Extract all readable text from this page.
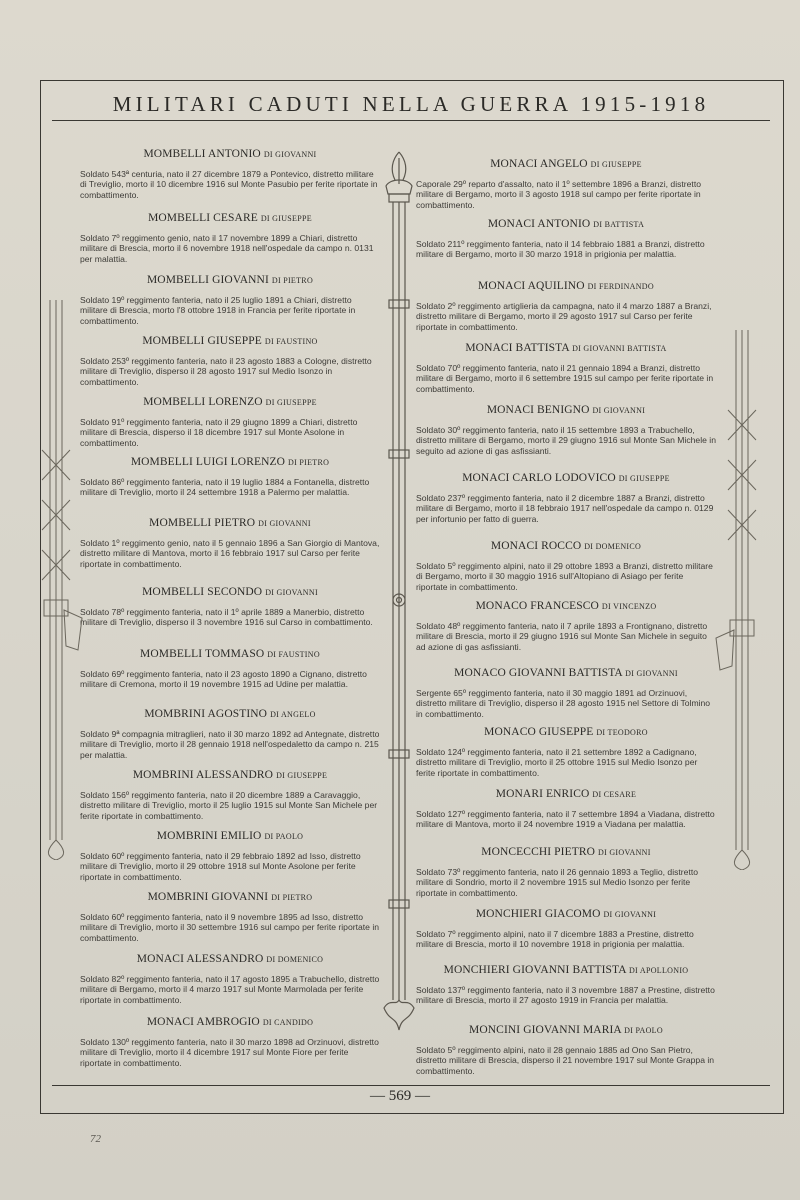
MILITARI CADUTI NELLA GUERRA 1915-1918
MOMBELLI ANTONIO DI GIOVANNI
Soldato 543ª centuria, nato il 27 dicembre 1879 a Pontevico, distretto militare di Treviglio, morto il 10 dicembre 1916 sul Monte Pasubio per ferite riportate in combattimento.
MOMBELLI CESARE DI GIUSEPPE
Soldato 7º reggimento genio, nato il 17 novembre 1899 a Chiari, distretto militare di Brescia, morto il 6 novembre 1918 nell'ospedale da campo n. 0131 per malattia.
MOMBELLI GIOVANNI DI PIETRO
Soldato 19º reggimento fanteria, nato il 25 luglio 1891 a Chiari, distretto militare di Brescia, morto l'8 ottobre 1918 in Francia per ferite riportate in combattimento.
MOMBELLI GIUSEPPE DI FAUSTINO
Soldato 253º reggimento fanteria, nato il 23 agosto 1883 a Cologne, distretto militare di Treviglio, disperso il 28 agosto 1917 sul Medio Isonzo in combattimento.
MOMBELLI LORENZO DI GIUSEPPE
Soldato 91º reggimento fanteria, nato il 29 giugno 1899 a Chiari, distretto militare di Brescia, disperso il 18 dicembre 1917 sul Monte Asolone in combattimento.
MOMBELLI LUIGI LORENZO DI PIETRO
Soldato 86º reggimento fanteria, nato il 19 luglio 1884 a Fontanella, distretto militare di Treviglio, morto il 24 settembre 1918 a Palermo per malattia.
MOMBELLI PIETRO DI GIOVANNI
Soldato 1º reggimento genio, nato il 5 gennaio 1896 a San Giorgio di Mantova, distretto militare di Mantova, morto il 16 febbraio 1917 sul Carso per ferite riportate in combattimento.
MOMBELLI SECONDO DI GIOVANNI
Soldato 78º reggimento fanteria, nato il 1º aprile 1889 a Manerbio, distretto militare di Treviglio, disperso il 3 novembre 1916 sul Carso in combattimento.
MOMBELLI TOMMASO DI FAUSTINO
Soldato 69º reggimento fanteria, nato il 23 agosto 1890 a Cignano, distretto militare di Cremona, morto il 19 novembre 1915 ad Udine per malattia.
MOMBRINI AGOSTINO DI ANGELO
Soldato 9ª compagnia mitraglieri, nato il 30 marzo 1892 ad Antegnate, distretto militare di Treviglio, morto il 28 gennaio 1918 nell'ospedaletto da campo n. 215 per malattia.
MOMBRINI ALESSANDRO DI GIUSEPPE
Soldato 156º reggimento fanteria, nato il 20 dicembre 1889 a Caravaggio, distretto militare di Treviglio, morto il 25 luglio 1915 sul Monte San Michele per ferite riportate in combattimento.
MOMBRINI EMILIO DI PAOLO
Soldato 60º reggimento fanteria, nato il 29 febbraio 1892 ad Isso, distretto militare di Treviglio, morto il 29 ottobre 1918 sul Monte Asolone per ferite riportate in combattimento.
MOMBRINI GIOVANNI DI PIETRO
Soldato 60º reggimento fanteria, nato il 9 novembre 1895 ad Isso, distretto militare di Treviglio, morto il 30 settembre 1916 sul campo per ferite riportate in combattimento.
MONACI ALESSANDRO DI DOMENICO
Soldato 82º reggimento fanteria, nato il 17 agosto 1895 a Trabuchello, distretto militare di Bergamo, morto il 4 marzo 1917 sul Monte Marmolada per ferite riportate in combattimento.
MONACI AMBROGIO DI CANDIDO
Soldato 130º reggimento fanteria, nato il 30 marzo 1898 ad Orzinuovi, distretto militare di Treviglio, morto il 4 dicembre 1917 sul Monte Fiore per ferite riportate in combattimento.
MONACI ANGELO DI GIUSEPPE
Caporale 29º reparto d'assalto, nato il 1º settembre 1896 a Branzi, distretto militare di Bergamo, morto il 3 agosto 1918 sul campo per ferite riportate in combattimento.
MONACI ANTONIO DI BATTISTA
Soldato 211º reggimento fanteria, nato il 14 febbraio 1881 a Branzi, distretto militare di Bergamo, morto il 30 marzo 1918 in prigionia per malattia.
MONACI AQUILINO DI FERDINANDO
Soldato 2º reggimento artiglieria da campagna, nato il 4 marzo 1887 a Branzi, distretto militare di Bergamo, morto il 29 agosto 1917 sul Carso per ferite riportate in combattimento.
MONACI BATTISTA DI GIOVANNI BATTISTA
Soldato 70º reggimento fanteria, nato il 21 gennaio 1894 a Branzi, distretto militare di Bergamo, morto il 6 settembre 1915 sul campo per ferite riportate in combattimento.
MONACI BENIGNO DI GIOVANNI
Soldato 30º reggimento fanteria, nato il 15 settembre 1893 a Trabuchello, distretto militare di Bergamo, morto il 29 giugno 1916 sul Monte San Michele in seguito ad azione di gas asfissianti.
MONACI CARLO LODOVICO DI GIUSEPPE
Soldato 237º reggimento fanteria, nato il 2 dicembre 1887 a Branzi, distretto militare di Bergamo, morto il 18 febbraio 1917 nell'ospedale da campo n. 0129 per infortunio per fatto di guerra.
MONACI ROCCO DI DOMENICO
Soldato 5º reggimento alpini, nato il 29 ottobre 1893 a Branzi, distretto militare di Bergamo, morto il 30 maggio 1916 sull'Altopiano di Asiago per ferite riportate in combattimento.
MONACO FRANCESCO DI VINCENZO
Soldato 48º reggimento fanteria, nato il 7 aprile 1893 a Frontignano, distretto militare di Brescia, morto il 29 giugno 1916 sul Monte San Michele in seguito ad azione di gas asfissianti.
MONACO GIOVANNI BATTISTA DI GIOVANNI
Sergente 65º reggimento fanteria, nato il 30 maggio 1891 ad Orzinuovi, distretto militare di Treviglio, disperso il 28 agosto 1915 nel Settore di Tolmino in combattimento.
MONACO GIUSEPPE DI TEODORO
Soldato 124º reggimento fanteria, nato il 21 settembre 1892 a Cadignano, distretto militare di Treviglio, morto il 25 ottobre 1915 sul Medio Isonzo per ferite riportate in combattimento.
MONARI ENRICO DI CESARE
Soldato 127º reggimento fanteria, nato il 7 settembre 1894 a Viadana, distretto militare di Mantova, morto il 24 novembre 1919 a Viadana per malattia.
MONCECCHI PIETRO DI GIOVANNI
Soldato 73º reggimento fanteria, nato il 26 gennaio 1893 a Teglio, distretto militare di Sondrio, morto il 2 novembre 1915 sul Medio Isonzo per ferite riportate in combattimento.
MONCHIERI GIACOMO DI GIOVANNI
Soldato 7º reggimento alpini, nato il 7 dicembre 1883 a Prestine, distretto militare di Brescia, morto il 10 novembre 1918 in prigionia per malattia.
MONCHIERI GIOVANNI BATTISTA DI APOLLONIO
Soldato 137º reggimento fanteria, nato il 3 novembre 1887 a Prestine, distretto militare di Brescia, morto il 27 agosto 1919 in Francia per malattia.
MONCINI GIOVANNI MARIA DI PAOLO
Soldato 5º reggimento alpini, nato il 28 gennaio 1885 ad Ono San Pietro, distretto militare di Brescia, disperso il 21 novembre 1917 sul Monte Grappa in combattimento.
— 569 —
72
